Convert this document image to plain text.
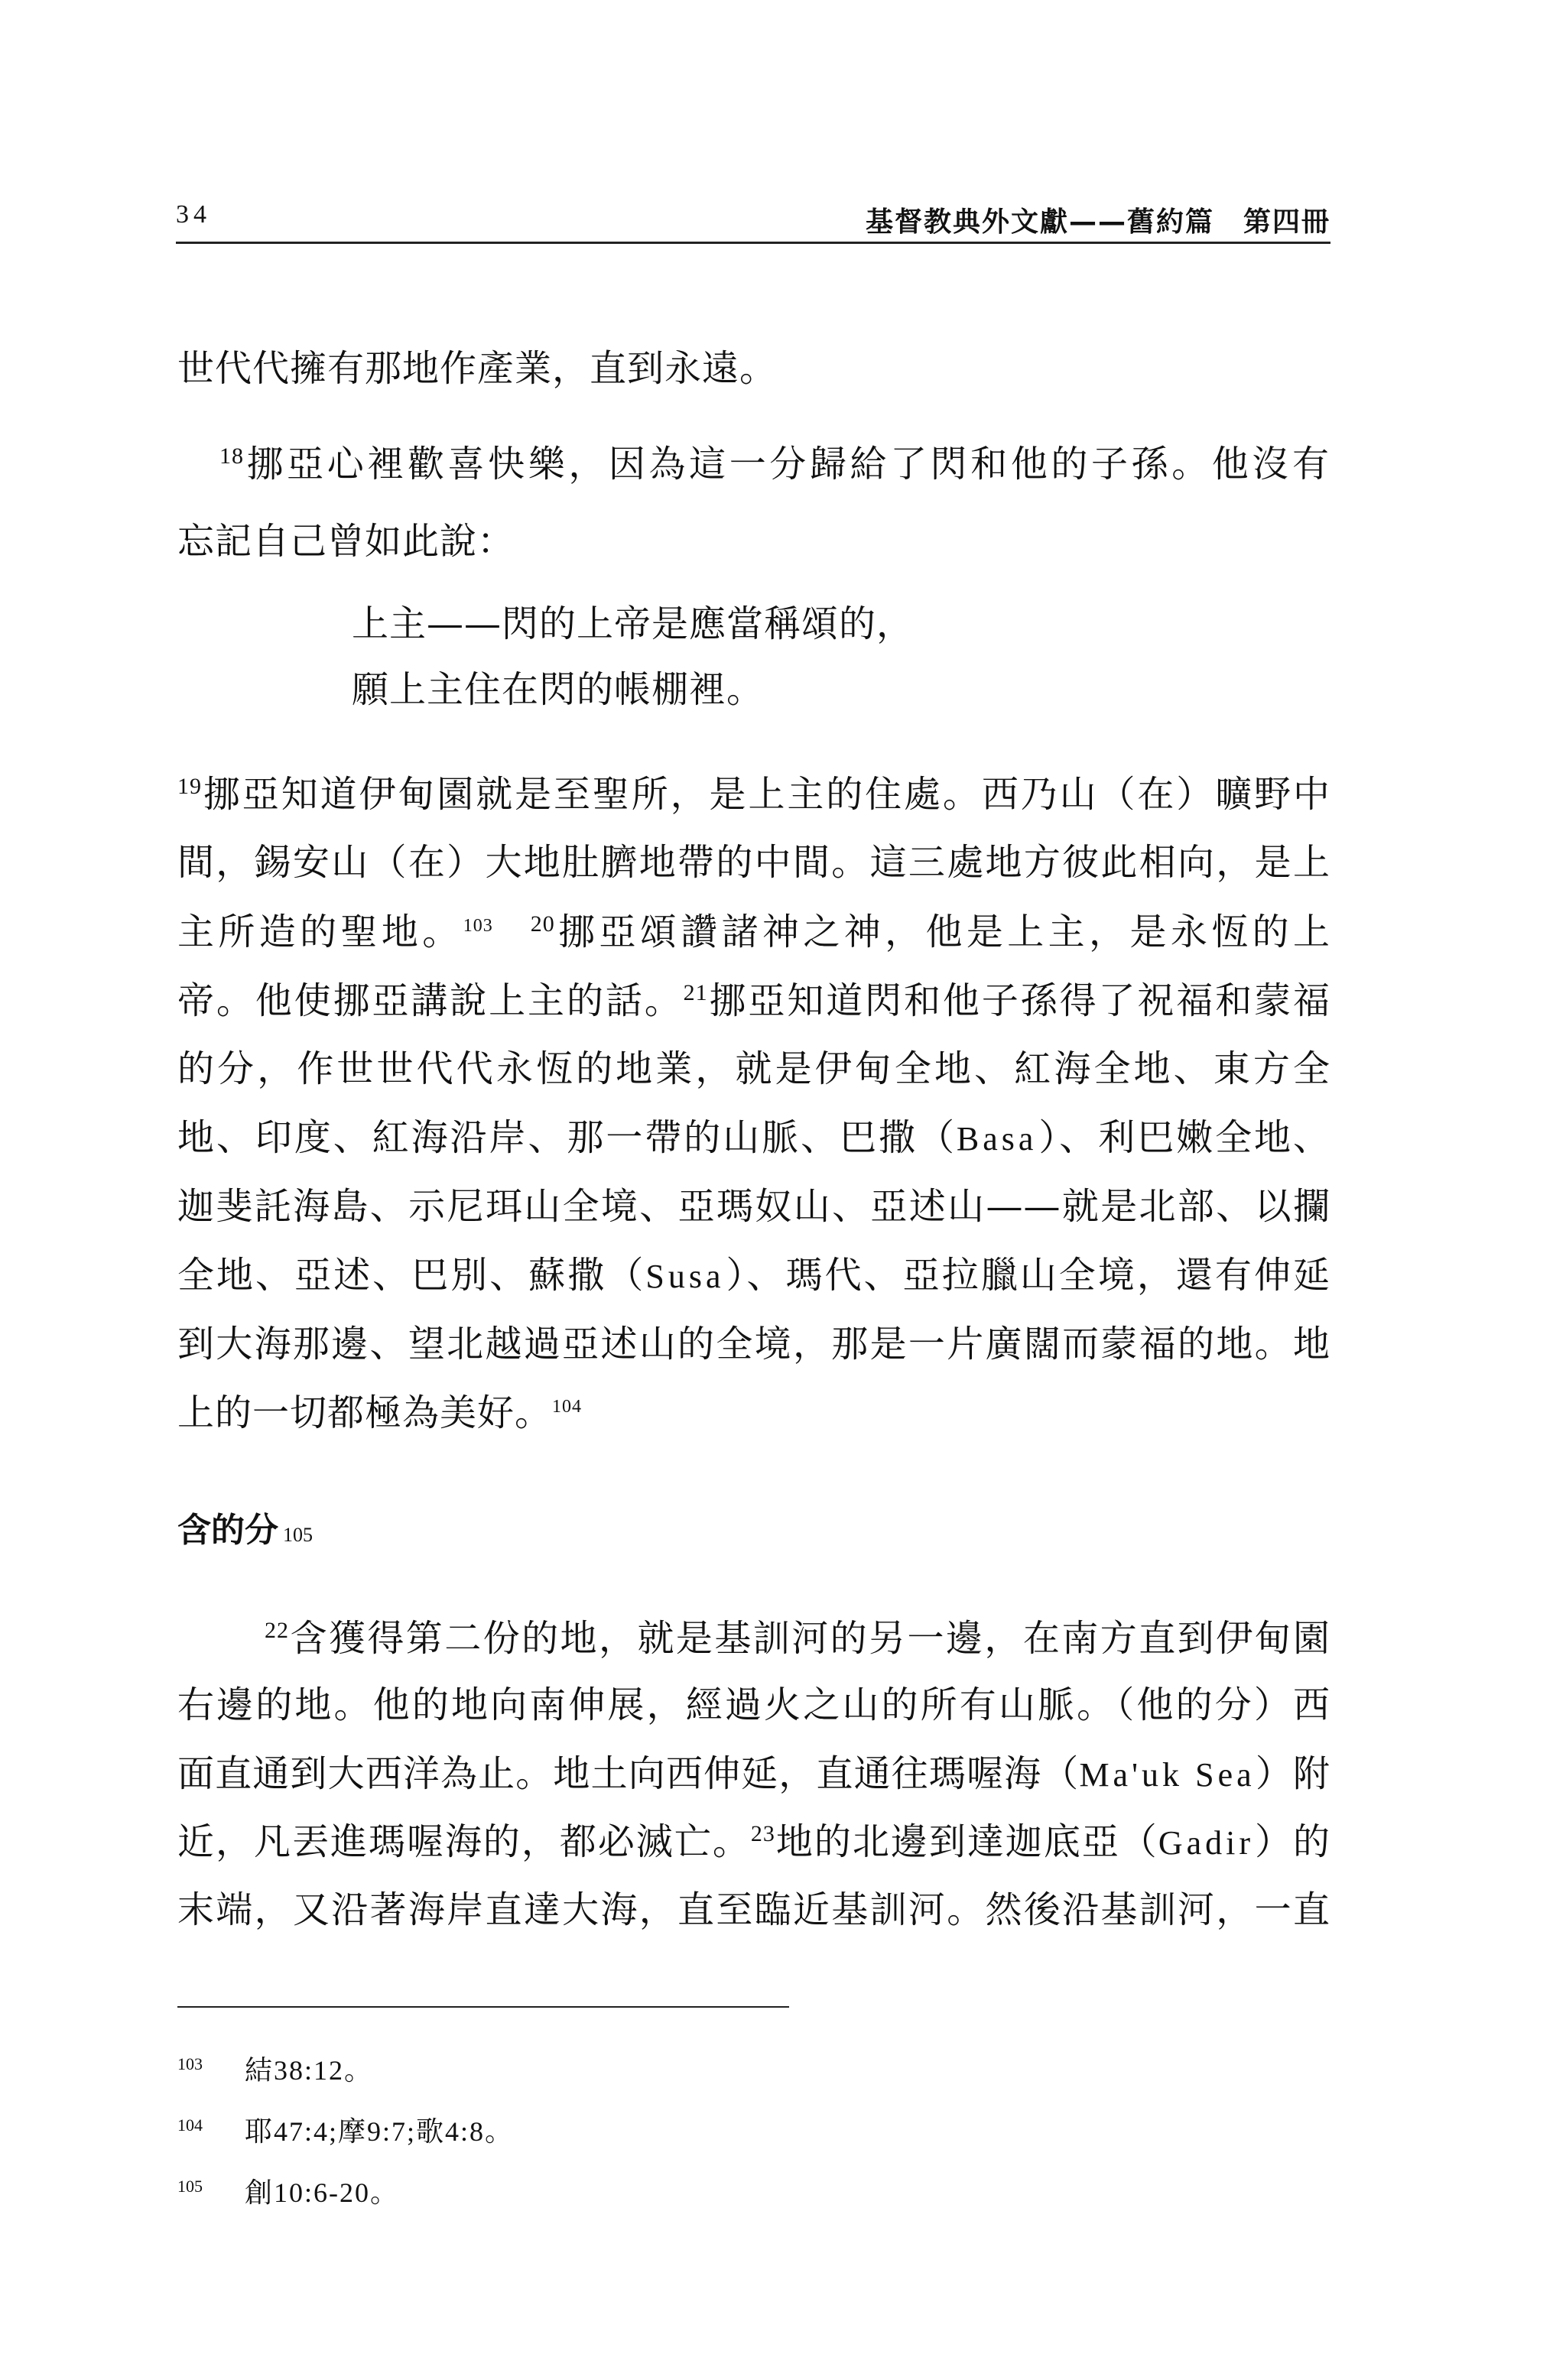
34	基督教典外文獻——舊約篇　第四冊
世代代擁有那地作產業，直到永遠。
$^{18}$挪亞心裡歡喜快樂，因為這一分歸給了閃和他的子孫。他沒有
忘記自己曾如此說：
上主——閃的上帝是應當稱頌的，
願上主住在閃的帳棚裡。
$^{19}$挪亞知道伊甸園就是至聖所，是上主的住處。西乃山（在）曠野中
間，錫安山（在）大地肚臍地帶的中間。這三處地方彼此相向，是上
主所造的聖地。$^{103}$  $^{20}$挪亞頌讚諸神之神，他是上主，是永恆的上
帝。他使挪亞講說上主的話。$^{21}$挪亞知道閃和他子孫得了祝福和蒙福
的分，作世世代代永恆的地業，就是伊甸全地、紅海全地、東方全
地、印度、紅海沿岸、那一帶的山脈、巴撒（Basa）、利巴嫩全地、
迦斐託海島、示尼珥山全境、亞瑪奴山、亞述山——就是北部、以攔
全地、亞述、巴別、蘇撒（Susa）、瑪代、亞拉臘山全境，還有伸延
到大海那邊、望北越過亞述山的全境，那是一片廣闊而蒙福的地。地
上的一切都極為美好。$^{104}$
含的分 105
$^{22}$含獲得第二份的地，就是基訓河的另一邊，在南方直到伊甸園
右邊的地。他的地向南伸展，經過火之山的所有山脈。（他的分）西
面直通到大西洋為止。地土向西伸延，直通往瑪喔海（Ma'uk Sea）附
近，凡丟進瑪喔海的，都必滅亡。$^{23}$地的北邊到達迦底亞（Gadir）的
末端，又沿著海岸直達大海，直至臨近基訓河。然後沿基訓河，一直
103 結38:12。
104 耶47:4;摩9:7;歌4:8。
105 創10:6-20。
